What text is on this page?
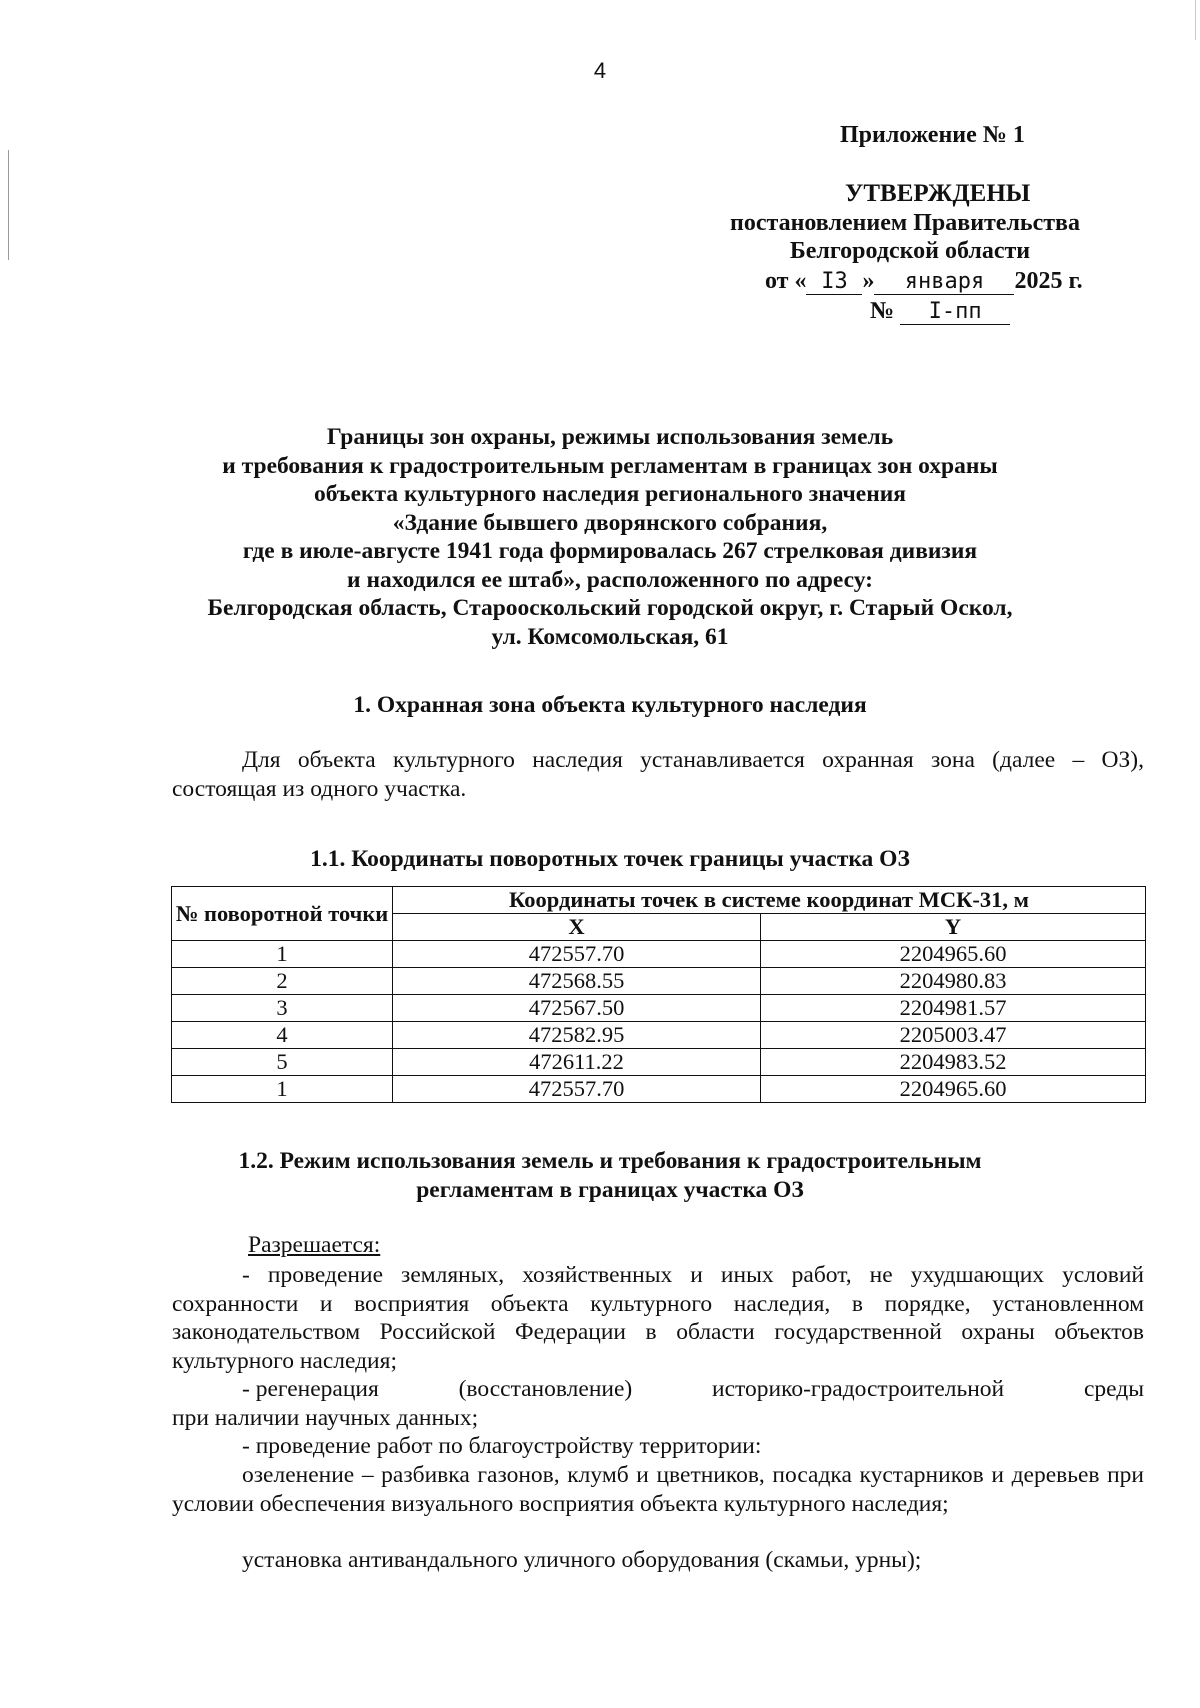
4
Приложение № 1
УТВЕРЖДЕНЫ
постановлением Правительства
Белгородской области
от « I3 » января 2025 г.
№ I-пп
Границы зон охраны, режимы использования земель
и требования к градостроительным регламентам в границах зон охраны
объекта культурного наследия регионального значения
«Здание бывшего дворянского собрания,
где в июле-августе 1941 года формировалась 267 стрелковая дивизия
и находился ее штаб», расположенного по адресу:
Белгородская область, Старооскольский городской округ, г. Старый Оскол,
ул. Комсомольская, 61
1. Охранная зона объекта культурного наследия
Для объекта культурного наследия устанавливается охранная зона (далее – ОЗ), состоящая из одного участка.
1.1. Координаты поворотных точек границы участка ОЗ
№ поворотной точки	Координаты точек в системе координат МСК-31, м	
	X	Y
1	472557.70	2204965.60
2	472568.55	2204980.83
3	472567.50	2204981.57
4	472582.95	2205003.47
5	472611.22	2204983.52
1	472557.70	2204965.60
1.2. Режим использования земель и требования к градостроительным
регламентам в границах участка ОЗ
Разрешается:
- проведение земляных, хозяйственных и иных работ, не ухудшающих условий сохранности и восприятия объекта культурного наследия, в порядке, установленном законодательством Российской Федерации в области государственной охраны объектов культурного наследия;
- регенерация	(восстановление)	историко-градостроительной	среды
при наличии научных данных;
- проведение работ по благоустройству территории:
озеленение – разбивка газонов, клумб и цветников, посадка кустарников и деревьев при условии обеспечения визуального восприятия объекта культурного наследия;
установка антивандального уличного оборудования (скамьи, урны);
